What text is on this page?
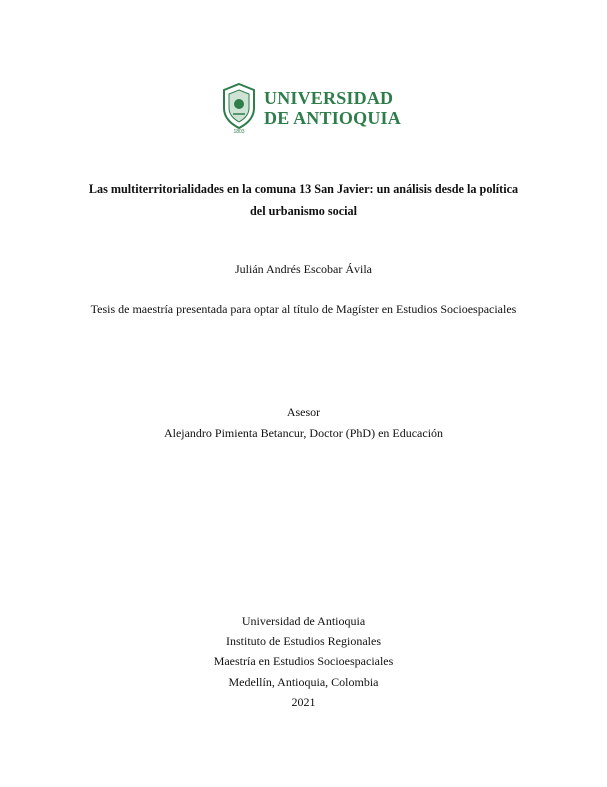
1803
UNIVERSIDAD
DE ANTIOQUIA
Las multiterritorialidades en la comuna 13 San Javier: un análisis desde la política del urbanismo social
Julián Andrés Escobar Ávila
Tesis de maestría presentada para optar al título de Magíster en Estudios Socioespaciales
Asesor
Alejandro Pimienta Betancur, Doctor (PhD) en Educación
Universidad de Antioquia
Instituto de Estudios Regionales
Maestría en Estudios Socioespaciales
Medellín, Antioquia, Colombia
2021
